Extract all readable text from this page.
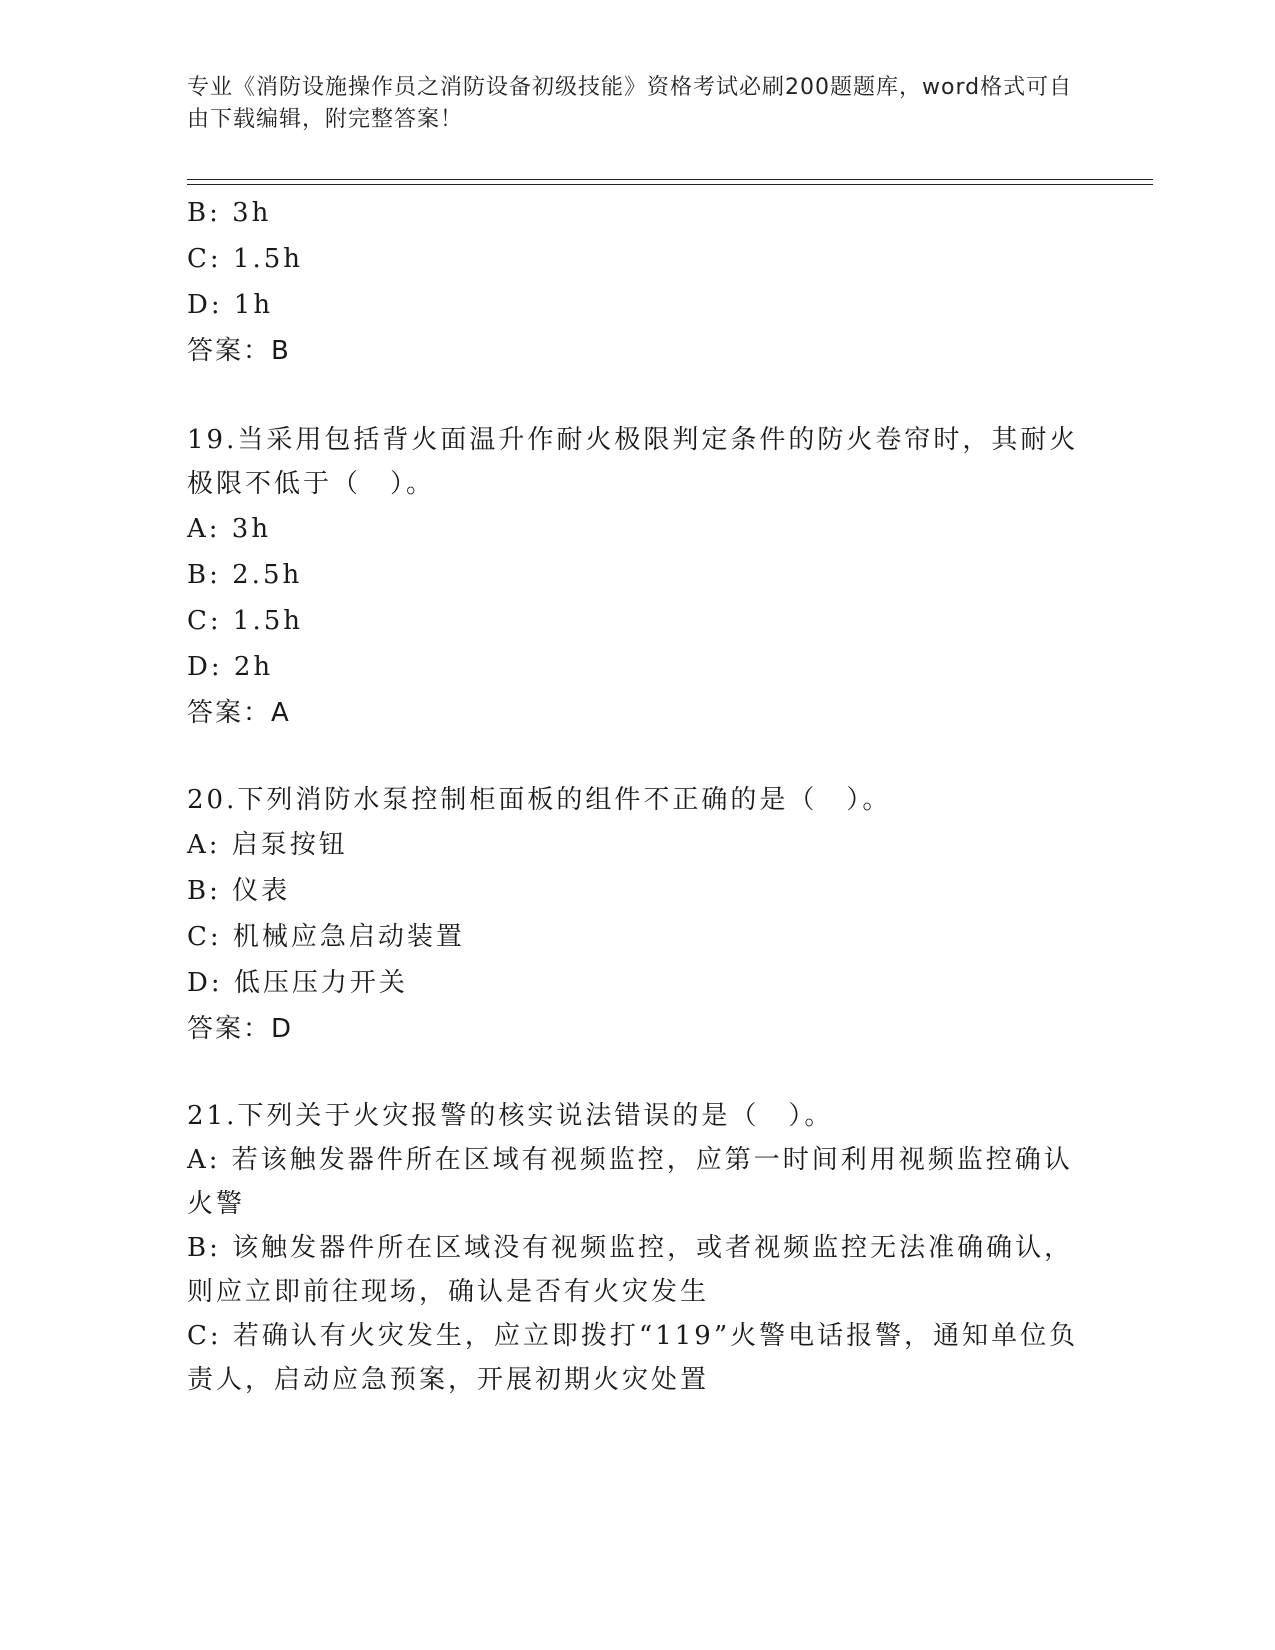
专业《消防设施操作员之消防设备初级技能》资格考试必刷200题题库，word格式可自由下载编辑，附完整答案！
B: 3h
C: 1.5h
D: 1h
答案：B
19.当采用包括背火面温升作耐火极限判定条件的防火卷帘时，其耐火极限不低于（　）。
A: 3h
B: 2.5h
C: 1.5h
D: 2h
答案：A
20.下列消防水泵控制柜面板的组件不正确的是（　）。
A: 启泵按钮
B: 仪表
C: 机械应急启动装置
D: 低压压力开关
答案：D
21.下列关于火灾报警的核实说法错误的是（　）。
A: 若该触发器件所在区域有视频监控，应第一时间利用视频监控确认火警
B: 该触发器件所在区域没有视频监控，或者视频监控无法准确确认，则应立即前往现场，确认是否有火灾发生
C: 若确认有火灾发生，应立即拨打“119”火警电话报警，通知单位负责人，启动应急预案，开展初期火灾处置
